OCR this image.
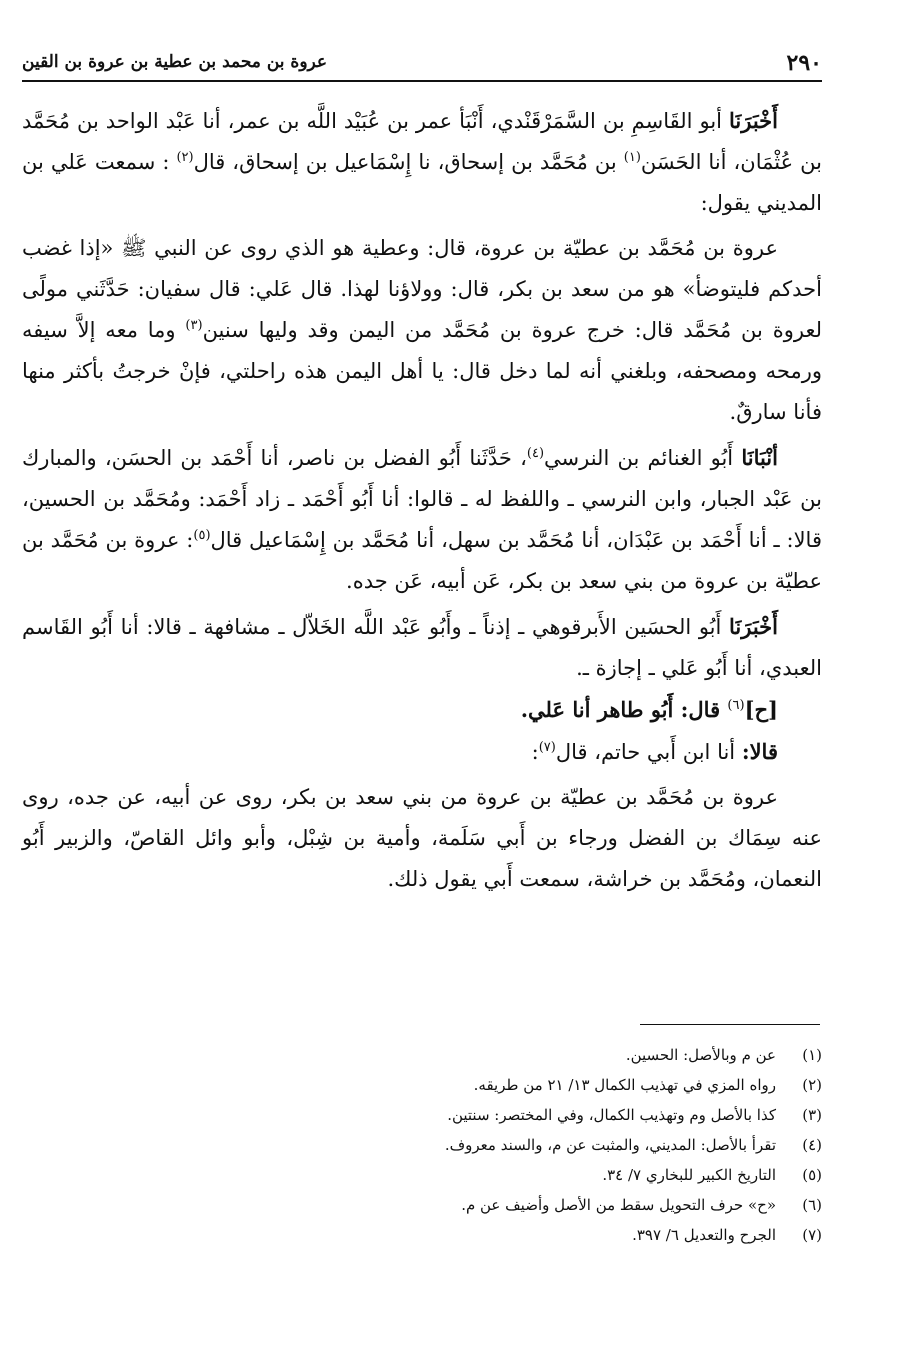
٢٩٠
عروة بن محمد بن عطية بن عروة بن القين

أَخْبَرَنَا أبو القَاسِمِ بن السَّمَرْقَنْدي، أَنْبَأ عمر بن عُبَيْد اللَّه بن عمر، أنا عَبْد الواحد بن مُحَمَّد بن عُثْمَان، أنا الحَسَن$^{(١)}$ بن مُحَمَّد بن إسحاق، نا إِسْمَاعيل بن إسحاق، قال$^{(٢)}$ : سمعت عَلي بن المديني يقول:

عروة بن مُحَمَّد بن عطيّة بن عروة، قال: وعطية هو الذي روى عن النبي ﷺ «إذا غضب أحدكم فليتوضأ» هو من سعد بن بكر، قال: وولاؤنا لهذا. قال عَلي: قال سفيان: حَدَّثَني مولًى لعروة بن مُحَمَّد قال: خرج عروة بن مُحَمَّد من اليمن وقد وليها سنين$^{(٣)}$ وما معه إلاَّ سيفه ورمحه ومصحفه، وبلغني أنه لما دخل قال: يا أهل اليمن هذه راحلتي، فإنْ خرجتُ بأكثر منها فأنا سارقٌ.

أنْبَانَا أَبُو الغنائم بن النرسي$^{(٤)}$، حَدَّثَنا أَبُو الفضل بن ناصر، أنا أَحْمَد بن الحسَن، والمبارك بن عَبْد الجبار، وابن النرسي ـ واللفظ له ـ قالوا: أنا أَبُو أَحْمَد ـ زاد أَحْمَد: ومُحَمَّد بن الحسين، قالا: ـ أنا أَحْمَد بن عَبْدَان، أنا مُحَمَّد بن سهل، أنا مُحَمَّد بن إِسْمَاعيل قال$^{(٥)}$: عروة بن مُحَمَّد بن عطيّة بن عروة من بني سعد بن بكر، عَن أبيه، عَن جده.

أَخْبَرَنَا أَبُو الحسَين الأَبرقوهي ـ إذناً ـ وأَبُو عَبْد اللَّه الخَلاّل ـ مشافهة ـ قالا: أنا أَبُو القَاسم العبدي، أنا أَبُو عَلي ـ إجازة ـ.

[ح]$^{(٦)}$ قال: أَبُو طاهر أنا عَلي.

قالا: أنا ابن أَبي حاتم، قال$^{(٧)}$:

عروة بن مُحَمَّد بن عطيّة بن عروة من بني سعد بن بكر، روى عن أبيه، عن جده، روى عنه سِمَاك بن الفضل ورجاء بن أَبي سَلَمة، وأمية بن شِبْل، وأبو وائل القاصّ، والزبير أَبُو النعمان، ومُحَمَّد بن خراشة، سمعت أَبي يقول ذلك.

(١)
عن م وبالأصل: الحسين.
(٢)
رواه المزي في تهذيب الكمال ١٣/ ٢١ من طريقه.
(٣)
كذا بالأصل وم وتهذيب الكمال، وفي المختصر: سنتين.
(٤)
تقرأ بالأصل: المديني، والمثبت عن م، والسند معروف.
(٥)
التاريخ الكبير للبخاري ٧/ ٣٤.
(٦)
«ح» حرف التحويل سقط من الأصل وأضيف عن م.
(٧)
الجرح والتعديل ٦/ ٣٩٧.
